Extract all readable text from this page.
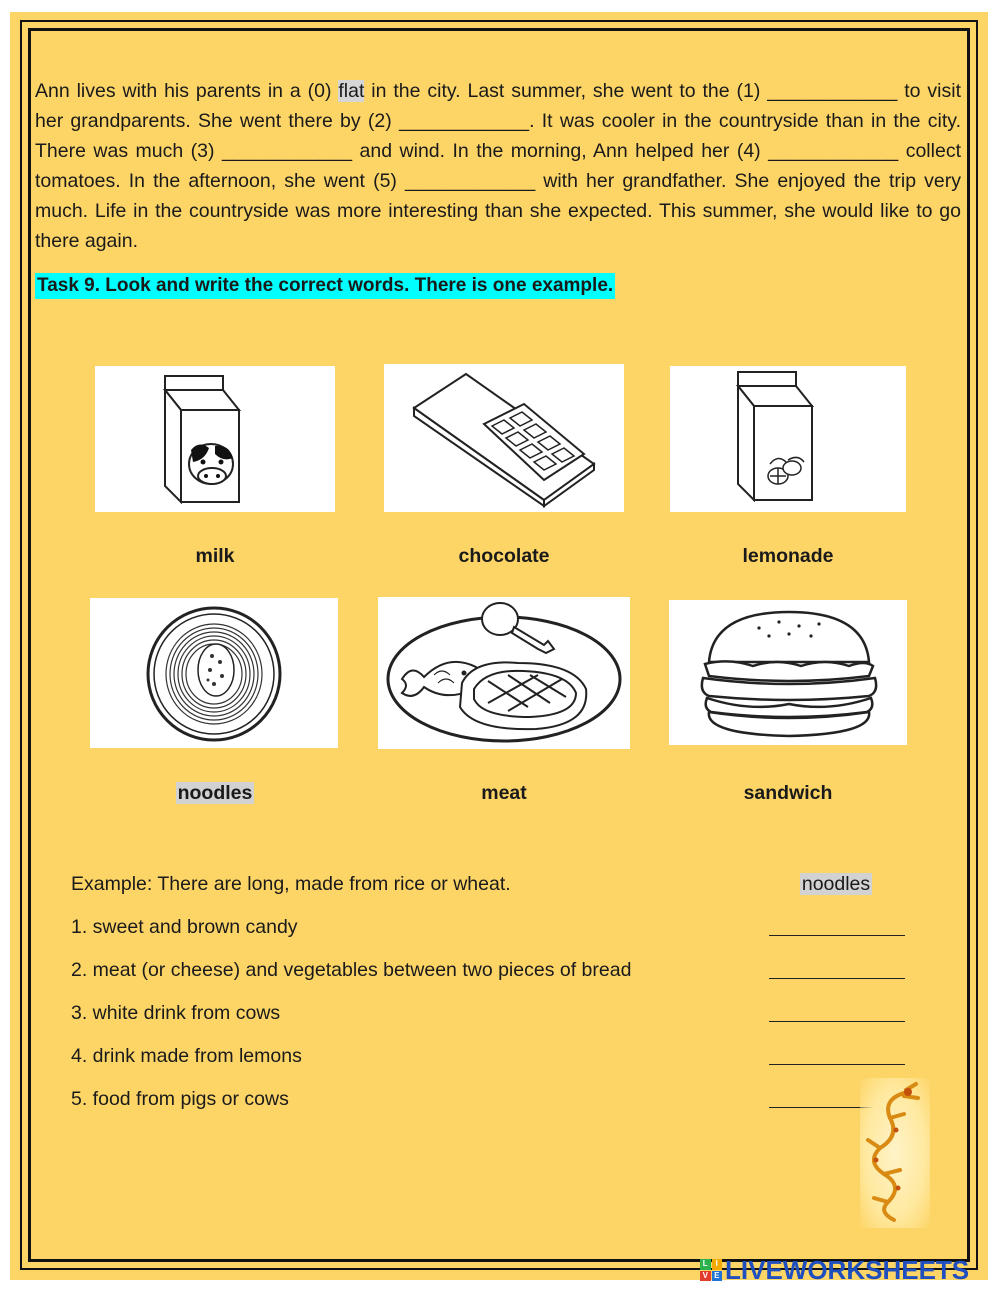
Ann lives with his parents in a (0) flat in the city. Last summer, she went to the (1) ____________ to visit her grandparents. She went there by (2) ____________. It was cooler in the countryside than in the city. There was much (3) ____________ and wind. In the morning, Ann helped her (4) ____________ collect tomatoes. In the afternoon, she went (5) ____________ with her grandfather. She enjoyed the trip very much. Life in the countryside was more interesting than she expected. This summer, she would like to go there again.

Task 9. Look and write the correct words. There is one example.
milk	chocolate	lemonade
noodles	meat	sandwich
Example: There are long, made from rice or wheat.	noodles
1. sweet and brown candy
2. meat (or cheese) and vegetables between two pieces of bread
3. white drink from cows
4. drink made from lemons
5. food from pigs or cows
L I
V E LIVEWORKSHEETS
